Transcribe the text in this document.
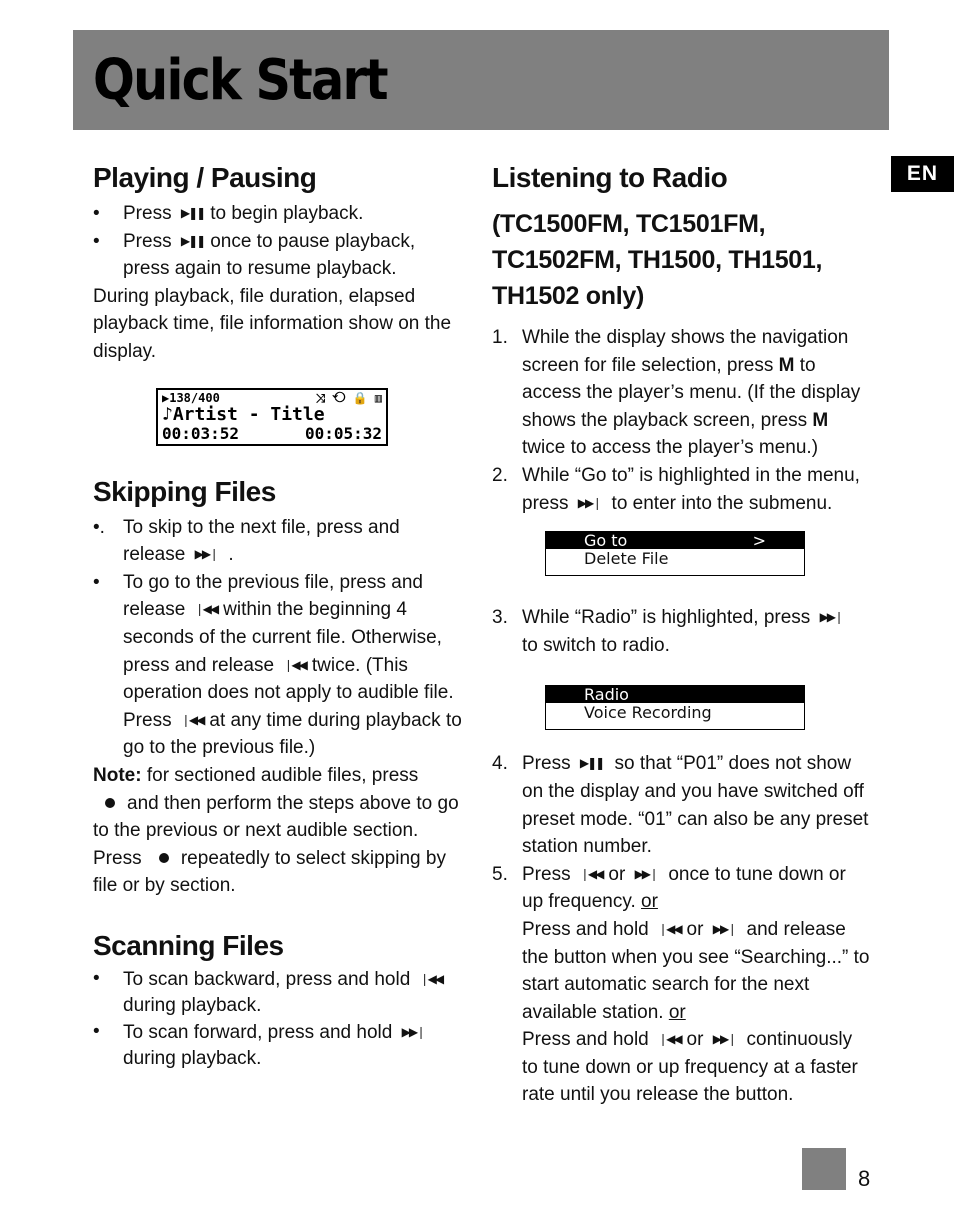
Quick Start
EN
Playing / Pausing
• Press ▶❚❚ to begin playback.
• Press ▶❚❚ once to pause playback, press again to resume playback.

During playback, file duration, elapsed playback time, file information show on the display.

▶138/400	⤨ ⟲ 🔒 ▥
♪Artist - Title
00:03:52	00:05:32
Skipping Files
•. To skip to the next file, press and release ▶▶❘ .
• To go to the previous file, press and release ❘◀◀ within the beginning 4 seconds of the current file. Otherwise, press and release ❘◀◀ twice. (This operation does not apply to audible file. Press ❘◀◀ at any time during playback to go to the previous file.)

Note: for sectioned audible files, press
and then perform the steps above to go to the previous or next audible section. Press repeatedly to select skipping by file or by section.

Scanning Files
• To scan backward, press and hold ❘◀◀
during playback.
• To scan forward, press and hold ▶▶❘
during playback.
Listening to Radio
(TC1500FM, TC1501FM, TC1502FM, TH1500, TH1501, TH1502 only)
1. While the display shows the navigation screen for file selection, press M to access the player’s menu. (If the display shows the playback screen, press M twice to access the player’s menu.)
2. While “Go to” is highlighted in the menu, press ▶▶❘ to enter into the submenu.
Go to	>
Delete File
3. While “Radio” is highlighted, press ▶▶❘
to switch to radio.
Radio
Voice Recording
4. Press ▶❚❚ so that “P01” does not show on the display and you have switched off preset mode. “01” can also be any preset station number.
5. Press ❘◀◀ or ▶▶❘ once to tune down or up frequency. or
Press and hold ❘◀◀ or ▶▶❘ and release the button when you see “Searching...” to start automatic search for the next available station. or
Press and hold ❘◀◀ or ▶▶❘ continuously to tune down or up frequency at a faster rate until you release the button.
8
